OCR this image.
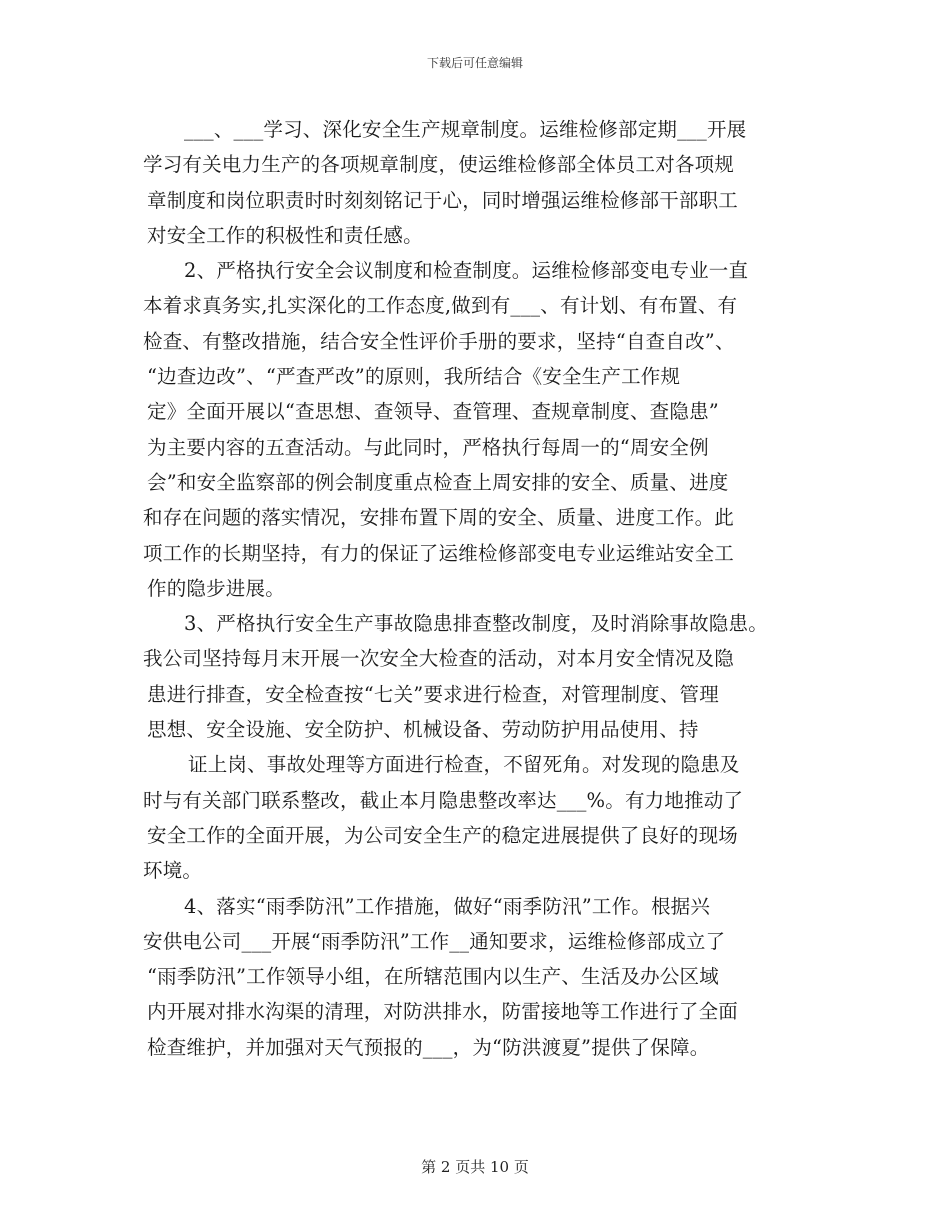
下载后可任意编辑
___、___学习、深化安全生产规章制度。运维检修部定期___开展
学习有关电力生产的各项规章制度，使运维检修部全体员工对各项规
章制度和岗位职责时时刻刻铭记于心，同时增强运维检修部干部职工
对安全工作的积极性和责任感。
2、严格执行安全会议制度和检查制度。运维检修部变电专业一直
本着求真务实,扎实深化的工作态度,做到有___、有计划、有布置、有
检查、有整改措施，结合安全性评价手册的要求，坚持“自查自改”、
“边查边改”、“严查严改”的原则，我所结合《安全生产工作规
定》全面开展以“查思想、查领导、查管理、查规章制度、查隐患”
为主要内容的五查活动。与此同时，严格执行每周一的“周安全例
会”和安全监察部的例会制度重点检查上周安排的安全、质量、进度
和存在问题的落实情况，安排布置下周的安全、质量、进度工作。此
项工作的长期坚持，有力的保证了运维检修部变电专业运维站安全工
作的隐步进展。
3、严格执行安全生产事故隐患排查整改制度，及时消除事故隐患。
我公司坚持每月末开展一次安全大检查的活动，对本月安全情况及隐
患进行排查，安全检查按“七关”要求进行检查，对管理制度、管理
思想、安全设施、安全防护、机械设备、劳动防护用品使用、持
证上岗、事故处理等方面进行检查，不留死角。对发现的隐患及
时与有关部门联系整改，截止本月隐患整改率达___%。有力地推动了
安全工作的全面开展，为公司安全生产的稳定进展提供了良好的现场
环境。
4、落实“雨季防汛”工作措施，做好“雨季防汛”工作。根据兴
安供电公司___开展“雨季防汛”工作__通知要求，运维检修部成立了
“雨季防汛”工作领导小组，在所辖范围内以生产、生活及办公区域
内开展对排水沟渠的清理，对防洪排水，防雷接地等工作进行了全面
检查维护，并加强对天气预报的___，为“防洪渡夏”提供了保障。
第 2 页共 10 页
